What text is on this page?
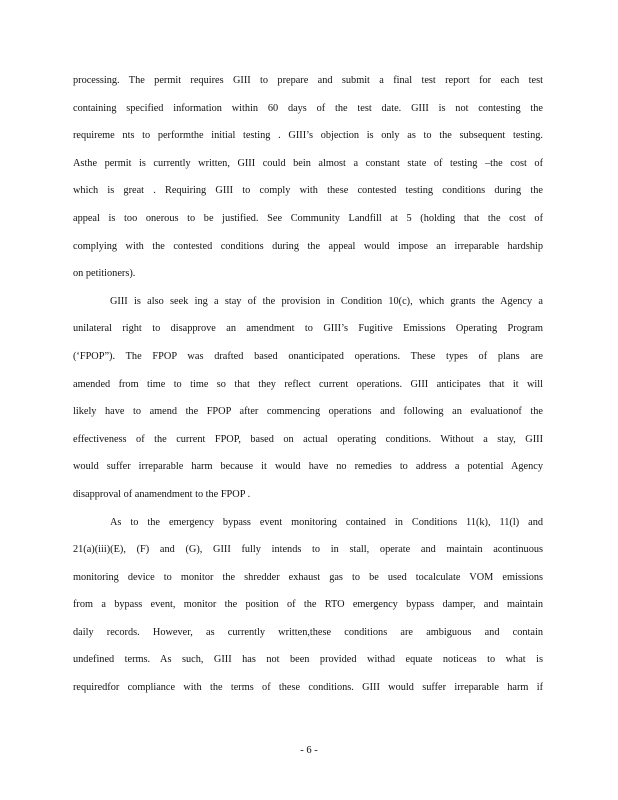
processing. The permit requires GIII to prepare and submit a final test report for each test
containing specified information within 60 days of the test date. GIII is not contesting the
requireme nts to performthe initial testing . GIII’s objection is only as to the subsequent testing.
Asthe permit is currently written, GIII could bein almost a constant state of testing –the cost of
which is great . Requiring GIII to comply with these contested testing conditions during the
appeal is too onerous to be justified. See Community Landfill at 5 (holding that the cost of
complying with the contested conditions during the appeal would impose an irreparable hardship
on petitioners).
GIII is also seek ing a stay of the provision in Condition 10(c), which grants the Agency a
unilateral right to disapprove an amendment to GIII’s Fugitive Emissions Operating Program
(‘FPOP”). The FPOP was drafted based onanticipated operations. These types of plans are
amended from time to time so that they reflect current operations. GIII anticipates that it will
likely have to amend the FPOP after commencing operations and following an evaluationof the
effectiveness of the current FPOP, based on actual operating conditions. Without a stay, GIII
would suffer irreparable harm because it would have no remedies to address a potential Agency
disapproval of anamendment to the FPOP .
As to the emergency bypass event monitoring contained in Conditions 11(k), 11(l) and
21(a)(iii)(E), (F) and (G), GIII fully intends to in stall, operate and maintain acontinuous
monitoring device to monitor the shredder exhaust gas to be used tocalculate VOM emissions
from a bypass event, monitor the position of the RTO emergency bypass damper, and maintain
daily records. However, as currently written,these conditions are ambiguous and contain
undefined terms. As such, GIII has not been provided withad equate noticeas to what is
requiredfor compliance with the terms of these conditions. GIII would suffer irreparable harm if
- 6 -
